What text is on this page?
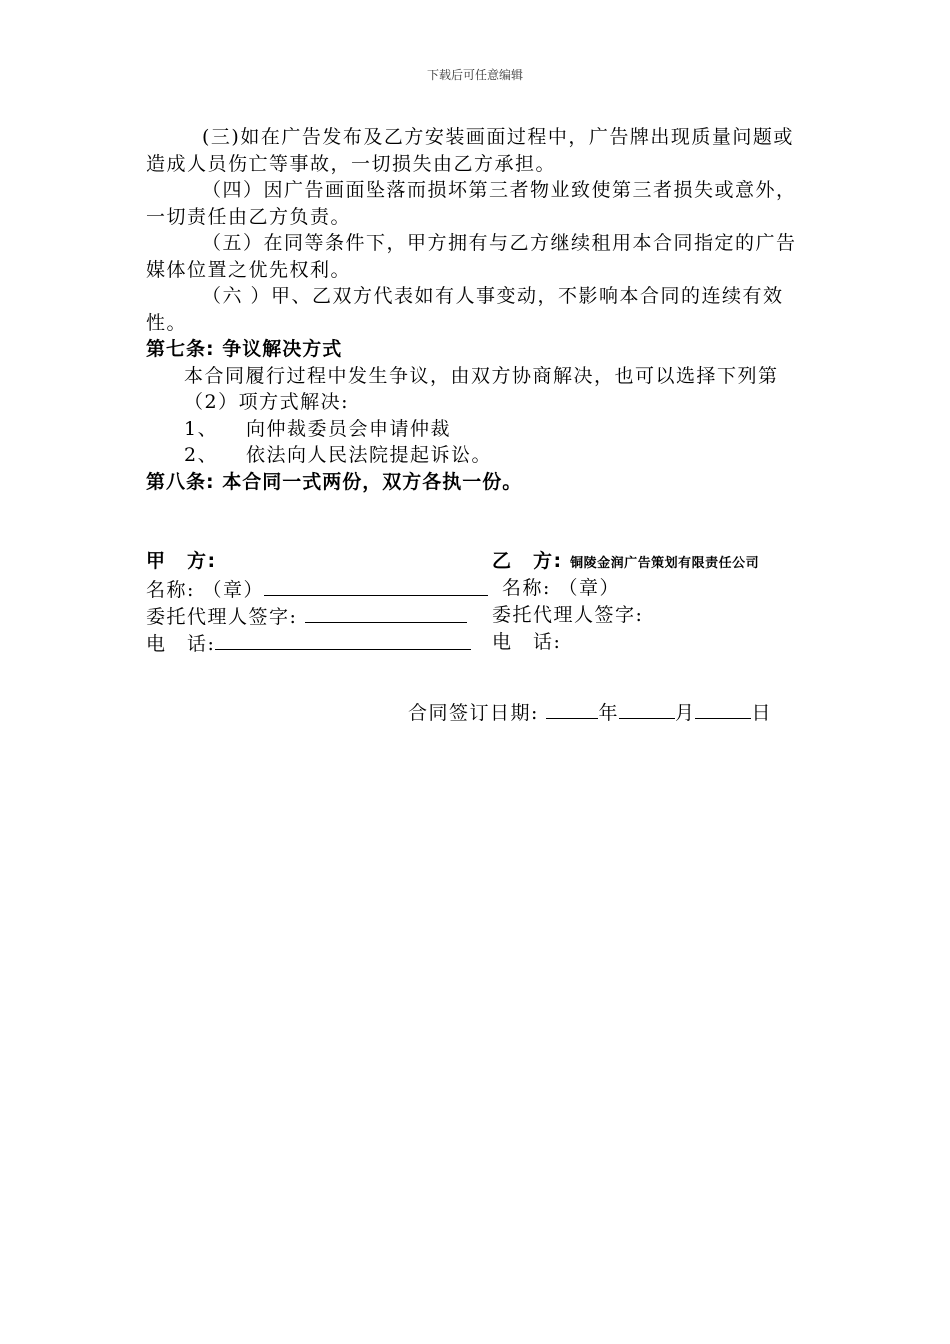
下载后可任意编辑

(三)如在广告发布及乙方安装画面过程中，广告牌出现质量问题或造成人员伤亡等事故，一切损失由乙方承担。

（四）因广告画面坠落而损坏第三者物业致使第三者损失或意外，一切责任由乙方负责。

（五）在同等条件下，甲方拥有与乙方继续租用本合同指定的广告媒体位置之优先权利。

（六 ）甲、乙双方代表如有人事变动，不影响本合同的连续有效性。

第七条: 争议解决方式

本合同履行过程中发生争议，由双方协商解决，也可以选择下列第（2）项方式解决:

1、 向仲裁委员会申请仲裁

2、 依法向人民法院提起诉讼。

第八条: 本合同一式两份，双方各执一份。

甲　方:	乙　方: 铜陵金润广告策划有限责任公司
名称: （章）	名称: （章）
委托代理人签字:	委托代理人签字:
电　话:	电　话:
合同签订日期:	年	月	日
